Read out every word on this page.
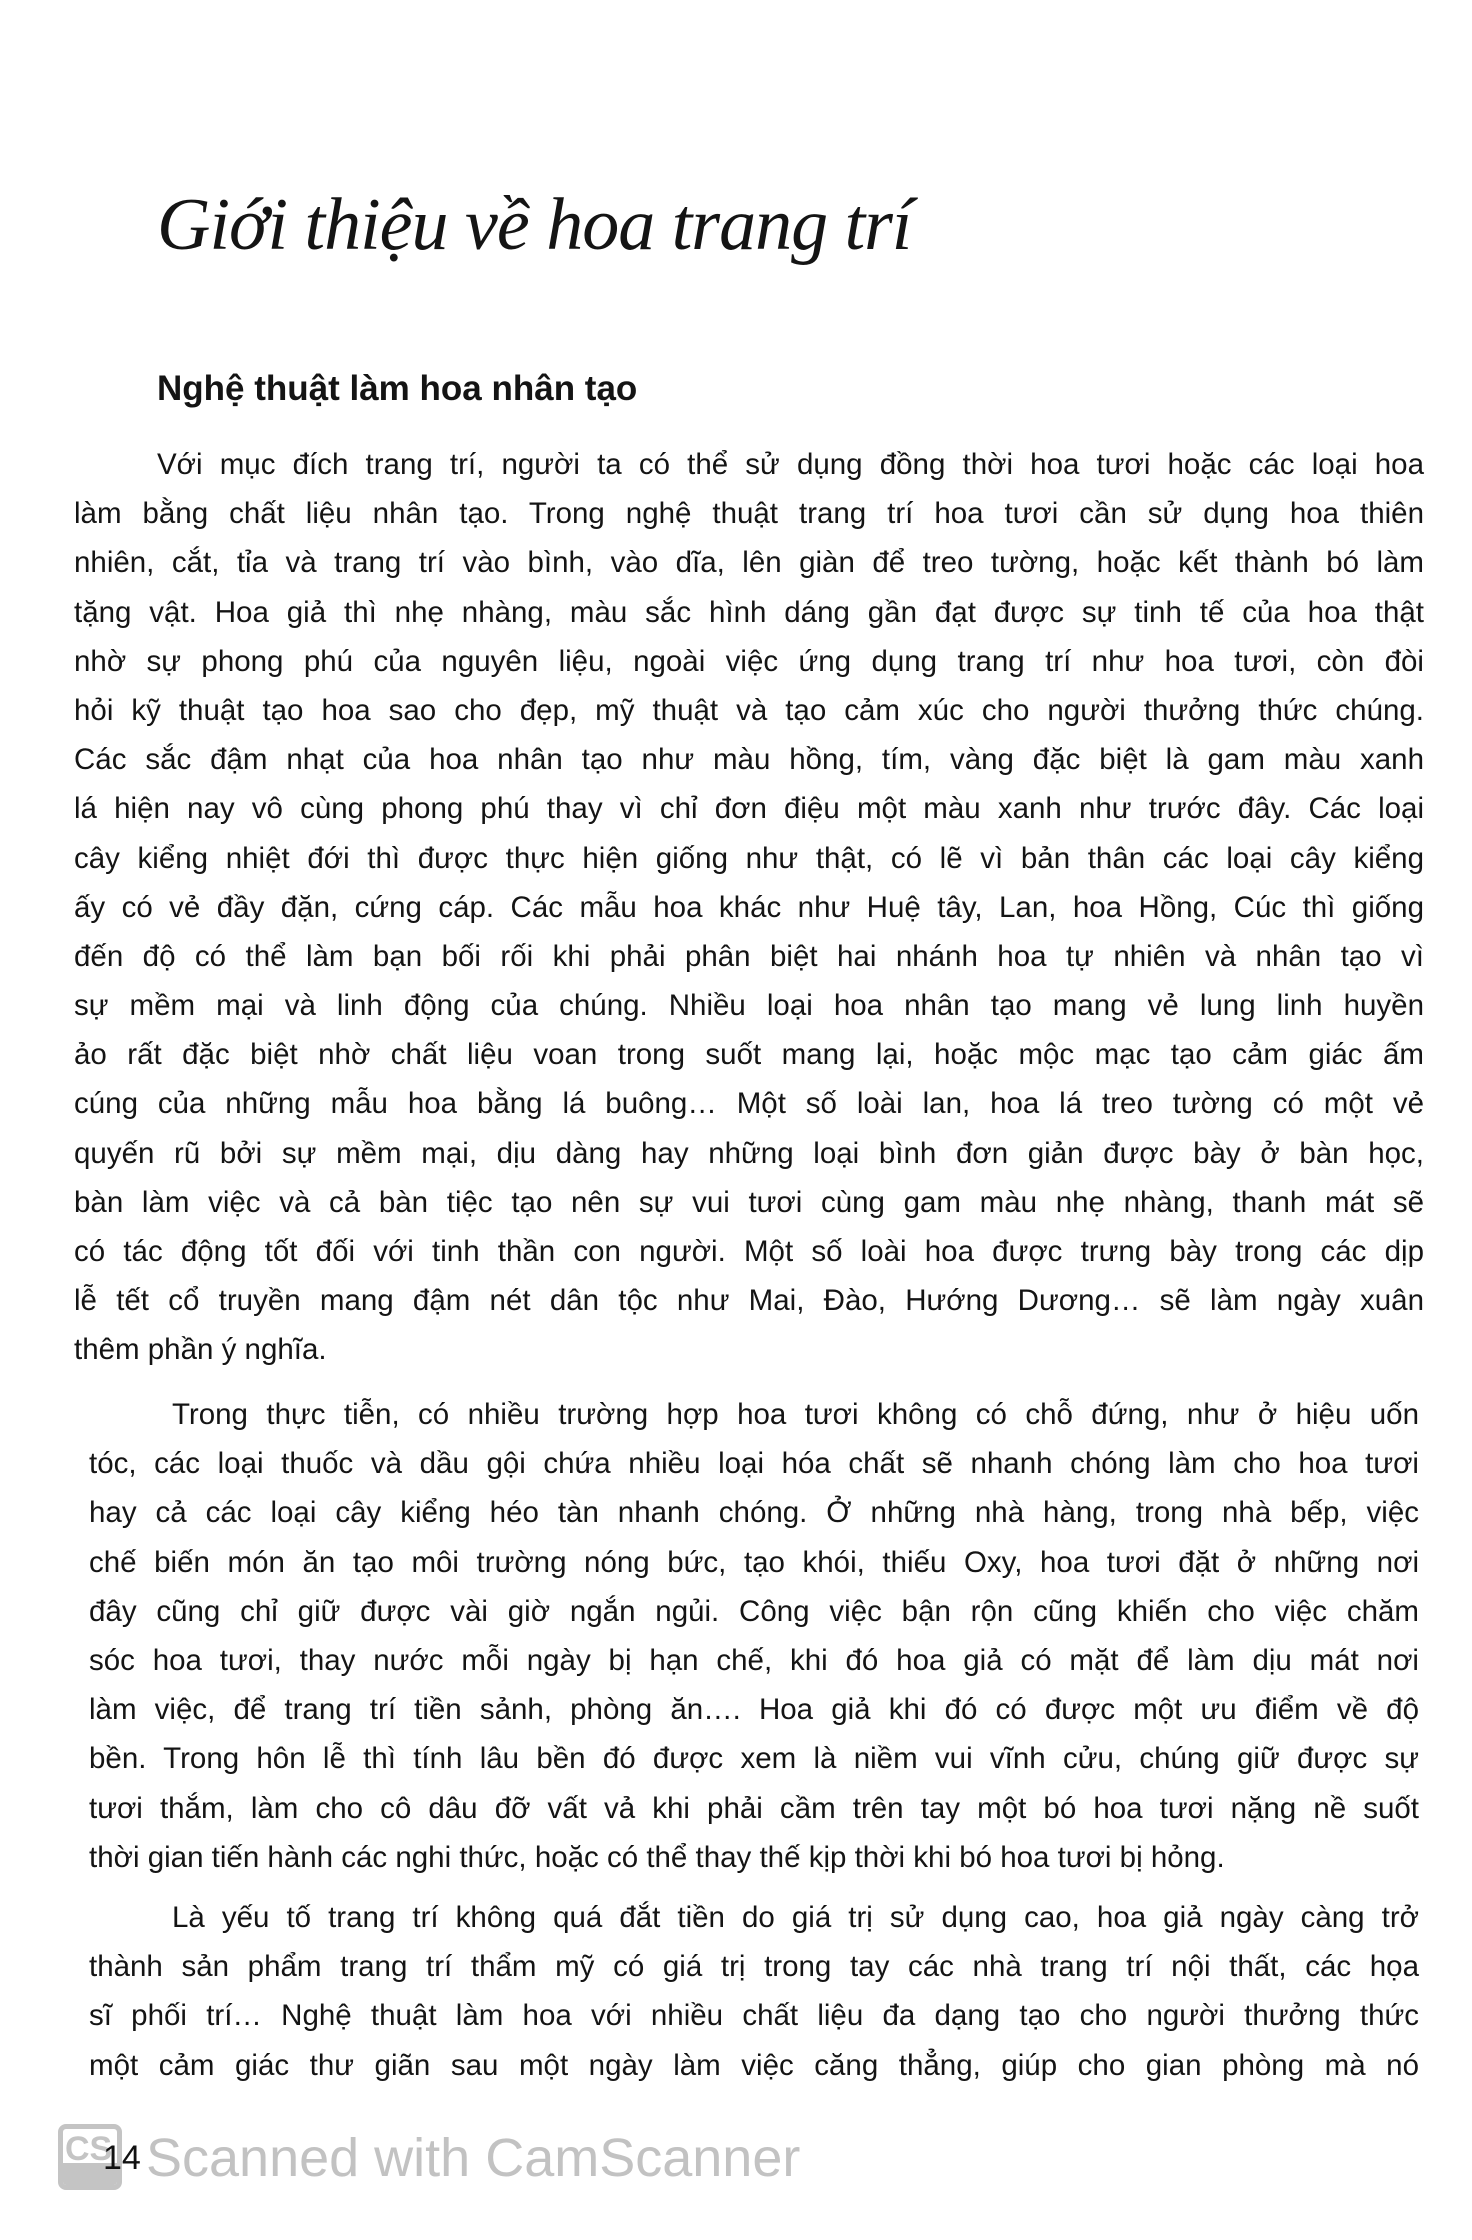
Giới thiệu về hoa trang trí
Nghệ thuật làm hoa nhân tạo
Với mục đích trang trí, người ta có thể sử dụng đồng thời hoa tươi hoặc các loại hoa
làm bằng chất liệu nhân tạo. Trong nghệ thuật trang trí hoa tươi cần sử dụng hoa thiên
nhiên, cắt, tỉa và trang trí vào bình, vào dĩa, lên giàn để treo tường, hoặc kết thành bó làm
tặng vật. Hoa giả thì nhẹ nhàng, màu sắc hình dáng gần đạt được sự tinh tế của hoa thật
nhờ sự phong phú của nguyên liệu, ngoài việc ứng dụng trang trí như hoa tươi, còn đòi
hỏi kỹ thuật tạo hoa sao cho đẹp, mỹ thuật và tạo cảm xúc cho người thưởng thức chúng.
Các sắc đậm nhạt của hoa nhân tạo như màu hồng, tím, vàng đặc biệt là gam màu xanh
lá hiện nay vô cùng phong phú thay vì chỉ đơn điệu một màu xanh như trước đây. Các loại
cây kiểng nhiệt đới thì được thực hiện giống như thật, có lẽ vì bản thân các loại cây kiểng
ấy có vẻ đầy đặn, cứng cáp. Các mẫu hoa khác như Huệ tây, Lan, hoa Hồng, Cúc thì giống
đến độ có thể làm bạn bối rối khi phải phân biệt hai nhánh hoa tự nhiên và nhân tạo vì
sự mềm mại và linh động của chúng. Nhiều loại hoa nhân tạo mang vẻ lung linh huyền
ảo rất đặc biệt nhờ chất liệu voan trong suốt mang lại, hoặc mộc mạc tạo cảm giác ấm
cúng của những mẫu hoa bằng lá buông… Một số loài lan, hoa lá treo tường có một vẻ
quyến rũ bởi sự mềm mại, dịu dàng hay những loại bình đơn giản được bày ở bàn học,
bàn làm việc và cả bàn tiệc tạo nên sự vui tươi cùng gam màu nhẹ nhàng, thanh mát sẽ
có tác động tốt đối với tinh thần con người. Một số loài hoa được trưng bày trong các dịp
lễ tết cổ truyền mang đậm nét dân tộc như Mai, Đào, Hướng Dương… sẽ làm ngày xuân
thêm phần ý nghĩa.
Trong thực tiễn, có nhiều trường hợp hoa tươi không có chỗ đứng, như ở hiệu uốn
tóc, các loại thuốc và dầu gội chứa nhiều loại hóa chất sẽ nhanh chóng làm cho hoa tươi
hay cả các loại cây kiểng héo tàn nhanh chóng. Ở những nhà hàng, trong nhà bếp, việc
chế biến món ăn tạo môi trường nóng bức, tạo khói, thiếu Oxy, hoa tươi đặt ở những nơi
đây cũng chỉ giữ được vài giờ ngắn ngủi. Công việc bận rộn cũng khiến cho việc chăm
sóc hoa tươi, thay nước mỗi ngày bị hạn chế, khi đó hoa giả có mặt để làm dịu mát nơi
làm việc, để trang trí tiền sảnh, phòng ăn…. Hoa giả khi đó có được một ưu điểm về độ
bền. Trong hôn lễ thì tính lâu bền đó được xem là niềm vui vĩnh cửu, chúng giữ được sự
tươi thắm, làm cho cô dâu đỡ vất vả khi phải cầm trên tay một bó hoa tươi nặng nề suốt
thời gian tiến hành các nghi thức, hoặc có thể thay thế kịp thời khi bó hoa tươi bị hỏng.
Là yếu tố trang trí không quá đắt tiền do giá trị sử dụng cao, hoa giả ngày càng trở
thành sản phẩm trang trí thẩm mỹ có giá trị trong tay các nhà trang trí nội thất, các họa
sĩ phối trí… Nghệ thuật làm hoa với nhiều chất liệu đa dạng tạo cho người thưởng thức
một cảm giác thư giãn sau một ngày làm việc căng thẳng, giúp cho gian phòng mà nó
CS
14 Scanned with CamScanner
